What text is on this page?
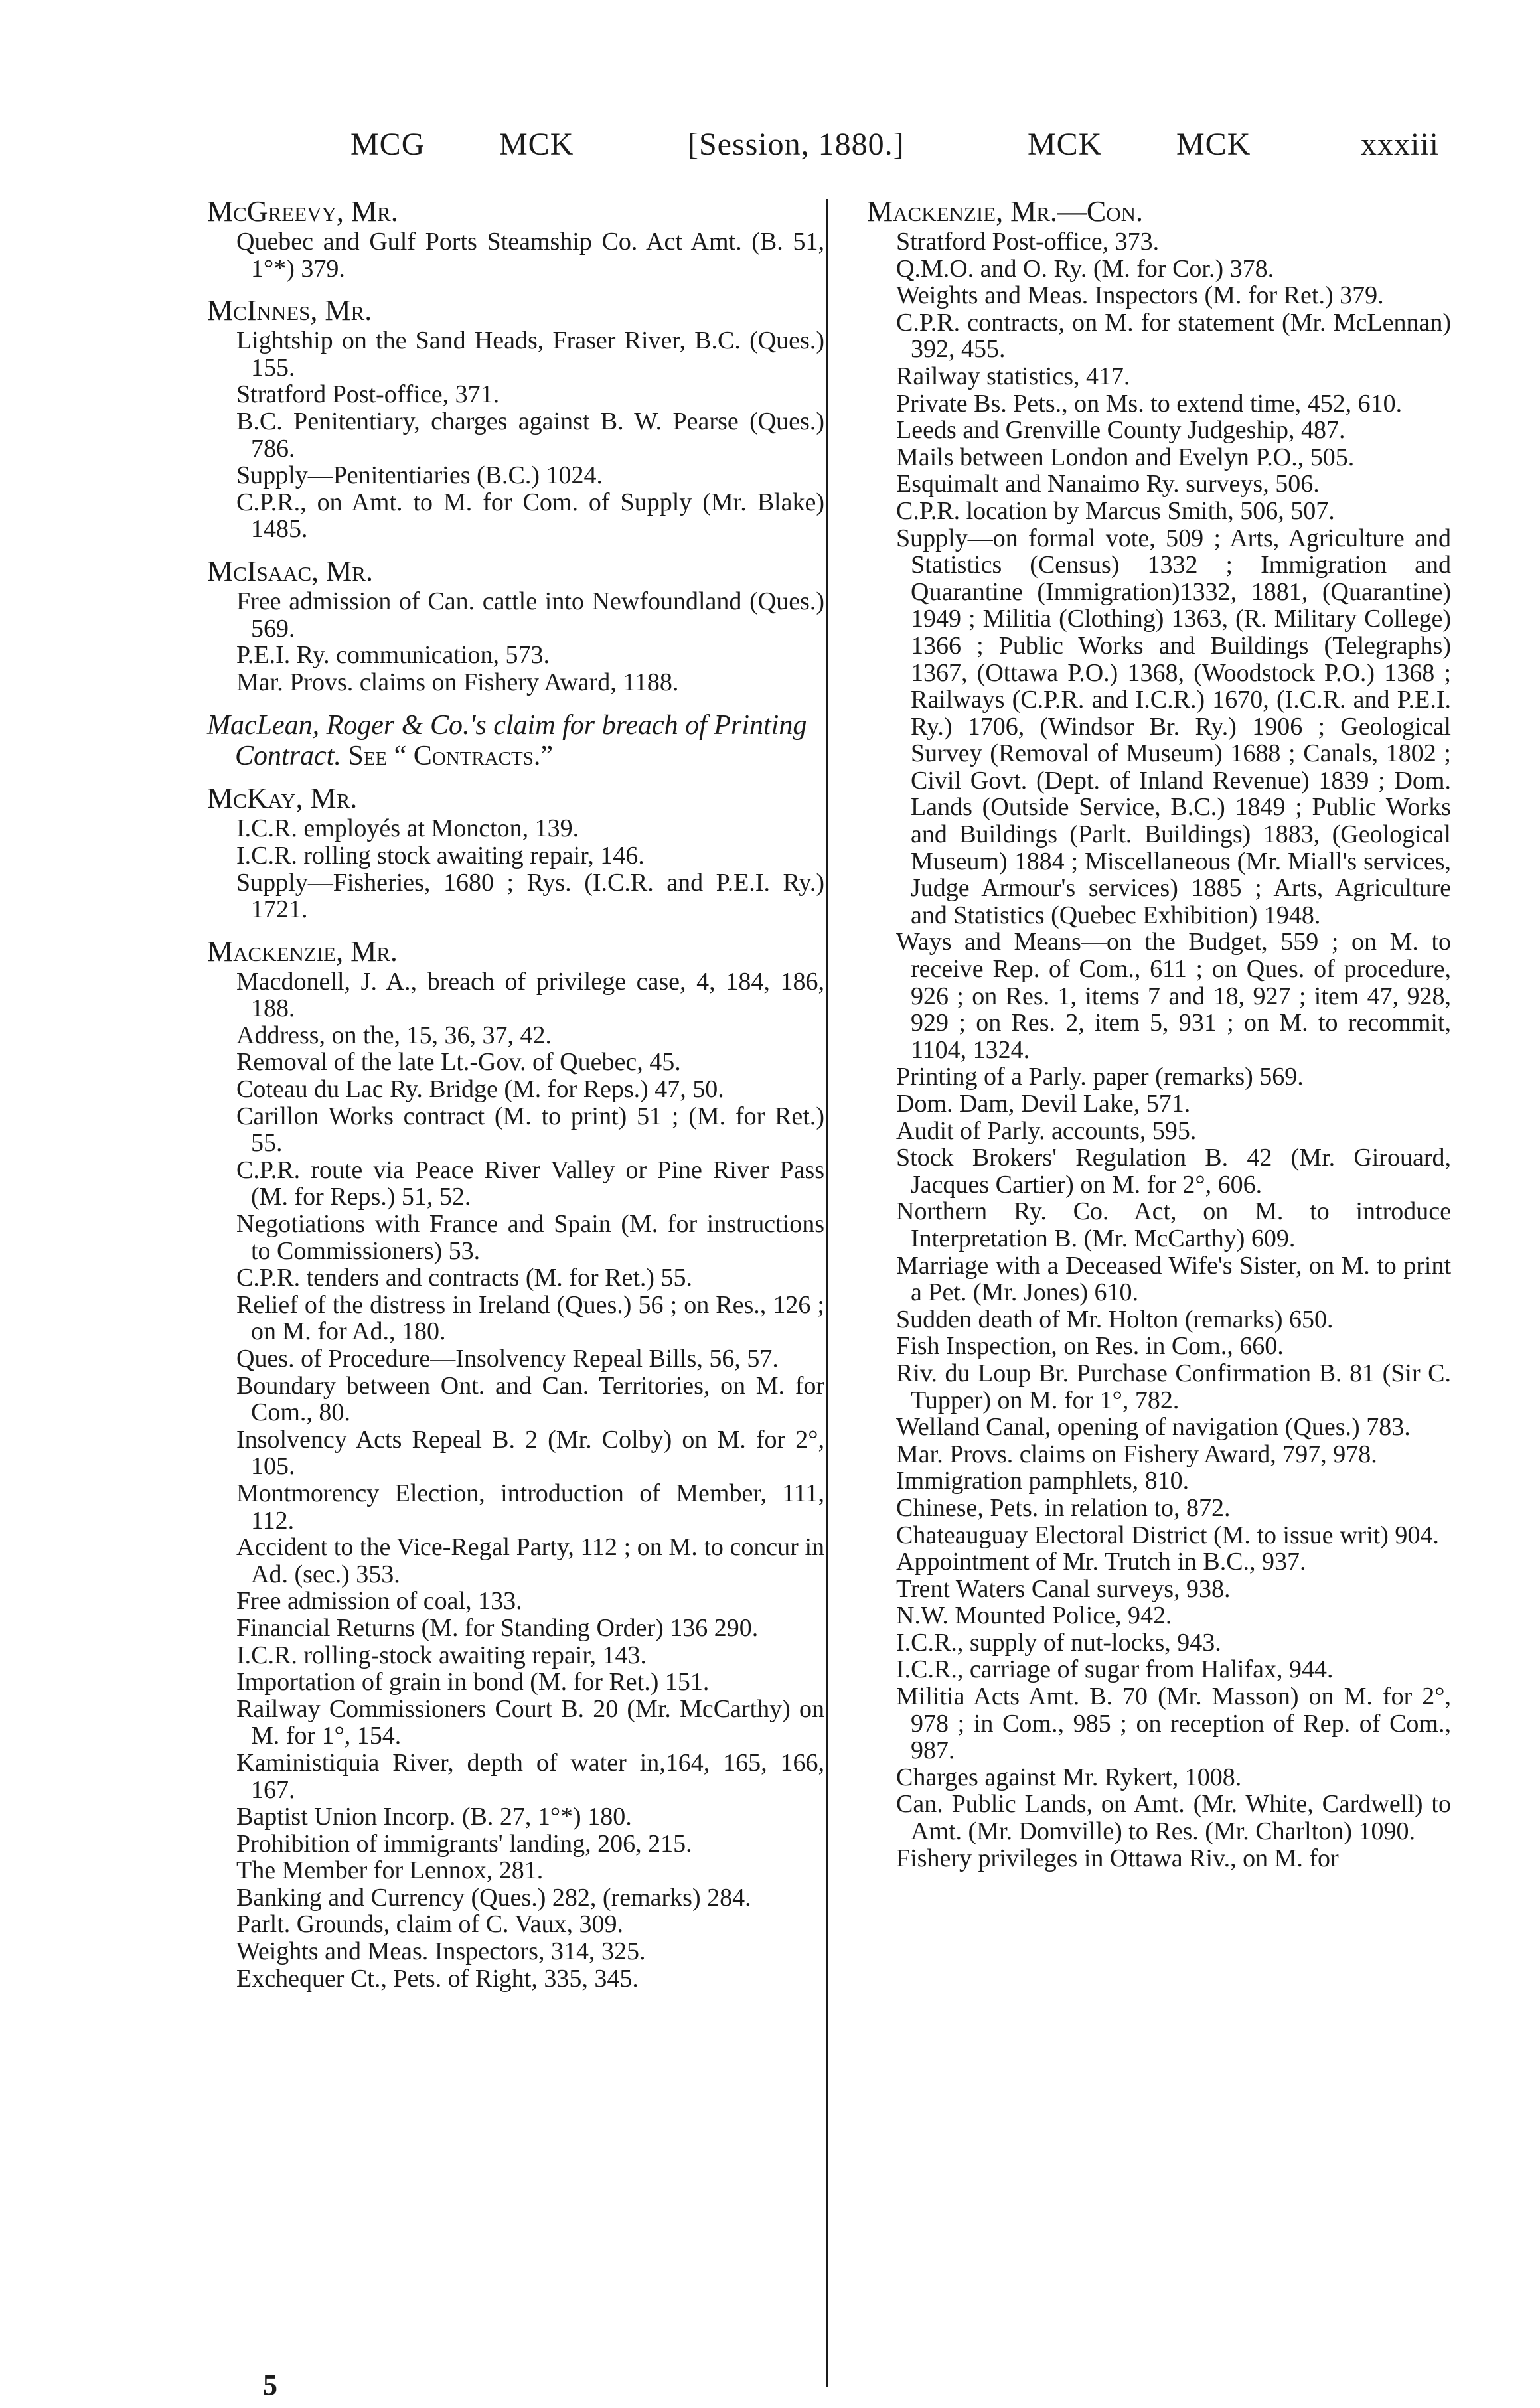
MCG MCK	[Session, 1880.]	MCK MCK	xxxiii
McGreevy, Mr.
Quebec and Gulf Ports Steamship Co. Act Amt. (B. 51, 1°*) 379.
McInnes, Mr.
Lightship on the Sand Heads, Fraser River, B.C. (Ques.) 155.
Stratford Post-office, 371.
B.C. Penitentiary, charges against B. W. Pearse (Ques.) 786.
Supply—Penitentiaries (B.C.) 1024.
C.P.R., on Amt. to M. for Com. of Supply (Mr. Blake) 1485.
McIsaac, Mr.
Free admission of Can. cattle into Newfoundland (Ques.) 569.
P.E.I. Ry. communication, 573.
Mar. Provs. claims on Fishery Award, 1188.
MacLean, Roger & Co.'s claim for breach of Printing Contract. See “ Contracts.”
McKay, Mr.
I.C.R. employés at Moncton, 139.
I.C.R. rolling stock awaiting repair, 146.
Supply—Fisheries, 1680 ; Rys. (I.C.R. and P.E.I. Ry.) 1721.
Mackenzie, Mr.
Macdonell, J. A., breach of privilege case, 4, 184, 186, 188.
Address, on the, 15, 36, 37, 42.
Removal of the late Lt.-Gov. of Quebec, 45.
Coteau du Lac Ry. Bridge (M. for Reps.) 47, 50.
Carillon Works contract (M. to print) 51 ; (M. for Ret.) 55.
C.P.R. route via Peace River Valley or Pine River Pass (M. for Reps.) 51, 52.
Negotiations with France and Spain (M. for instructions to Commissioners) 53.
C.P.R. tenders and contracts (M. for Ret.) 55.
Relief of the distress in Ireland (Ques.) 56 ; on Res., 126 ; on M. for Ad., 180.
Ques. of Procedure—Insolvency Repeal Bills, 56, 57.
Boundary between Ont. and Can. Territories, on M. for Com., 80.
Insolvency Acts Repeal B. 2 (Mr. Colby) on M. for 2°, 105.
Montmorency Election, introduction of Member, 111, 112.
Accident to the Vice-Regal Party, 112 ; on M. to concur in Ad. (sec.) 353.
Free admission of coal, 133.
Financial Returns (M. for Standing Order) 136 290.
I.C.R. rolling-stock awaiting repair, 143.
Importation of grain in bond (M. for Ret.) 151.
Railway Commissioners Court B. 20 (Mr. McCarthy) on M. for 1°, 154.
Kaministiquia River, depth of water in,164, 165, 166, 167.
Baptist Union Incorp. (B. 27, 1°*) 180.
Prohibition of immigrants' landing, 206, 215.
The Member for Lennox, 281.
Banking and Currency (Ques.) 282, (remarks) 284.
Parlt. Grounds, claim of C. Vaux, 309.
Weights and Meas. Inspectors, 314, 325.
Exchequer Ct., Pets. of Right, 335, 345.
Mackenzie, Mr.—Con.
Stratford Post-office, 373.
Q.M.O. and O. Ry. (M. for Cor.) 378.
Weights and Meas. Inspectors (M. for Ret.) 379.
C.P.R. contracts, on M. for statement (Mr. McLennan) 392, 455.
Railway statistics, 417.
Private Bs. Pets., on Ms. to extend time, 452, 610.
Leeds and Grenville County Judgeship, 487.
Mails between London and Evelyn P.O., 505.
Esquimalt and Nanaimo Ry. surveys, 506.
C.P.R. location by Marcus Smith, 506, 507.
Supply—on formal vote, 509 ; Arts, Agriculture and Statistics (Census) 1332 ; Immigration and Quarantine (Immigration)1332, 1881, (Quarantine) 1949 ; Militia (Clothing) 1363, (R. Military College) 1366 ; Public Works and Buildings (Telegraphs) 1367, (Ottawa P.O.) 1368, (Woodstock P.O.) 1368 ; Railways (C.P.R. and I.C.R.) 1670, (I.C.R. and P.E.I. Ry.) 1706, (Windsor Br. Ry.) 1906 ; Geological Survey (Removal of Museum) 1688 ; Canals, 1802 ; Civil Govt. (Dept. of Inland Revenue) 1839 ; Dom. Lands (Outside Service, B.C.) 1849 ; Public Works and Buildings (Parlt. Buildings) 1883, (Geological Museum) 1884 ; Miscellaneous (Mr. Miall's services, Judge Armour's services) 1885 ; Arts, Agriculture and Statistics (Quebec Exhibition) 1948.
Ways and Means—on the Budget, 559 ; on M. to receive Rep. of Com., 611 ; on Ques. of procedure, 926 ; on Res. 1, items 7 and 18, 927 ; item 47, 928, 929 ; on Res. 2, item 5, 931 ; on M. to recommit, 1104, 1324.
Printing of a Parly. paper (remarks) 569.
Dom. Dam, Devil Lake, 571.
Audit of Parly. accounts, 595.
Stock Brokers' Regulation B. 42 (Mr. Girouard, Jacques Cartier) on M. for 2°, 606.
Northern Ry. Co. Act, on M. to introduce Interpretation B. (Mr. McCarthy) 609.
Marriage with a Deceased Wife's Sister, on M. to print a Pet. (Mr. Jones) 610.
Sudden death of Mr. Holton (remarks) 650.
Fish Inspection, on Res. in Com., 660.
Riv. du Loup Br. Purchase Confirmation B. 81 (Sir C. Tupper) on M. for 1°, 782.
Welland Canal, opening of navigation (Ques.) 783.
Mar. Provs. claims on Fishery Award, 797, 978.
Immigration pamphlets, 810.
Chinese, Pets. in relation to, 872.
Chateauguay Electoral District (M. to issue writ) 904.
Appointment of Mr. Trutch in B.C., 937.
Trent Waters Canal surveys, 938.
N.W. Mounted Police, 942.
I.C.R., supply of nut-locks, 943.
I.C.R., carriage of sugar from Halifax, 944.
Militia Acts Amt. B. 70 (Mr. Masson) on M. for 2°, 978 ; in Com., 985 ; on reception of Rep. of Com., 987.
Charges against Mr. Rykert, 1008.
Can. Public Lands, on Amt. (Mr. White, Cardwell) to Amt. (Mr. Domville) to Res. (Mr. Charlton) 1090.
Fishery privileges in Ottawa Riv., on M. for
5
